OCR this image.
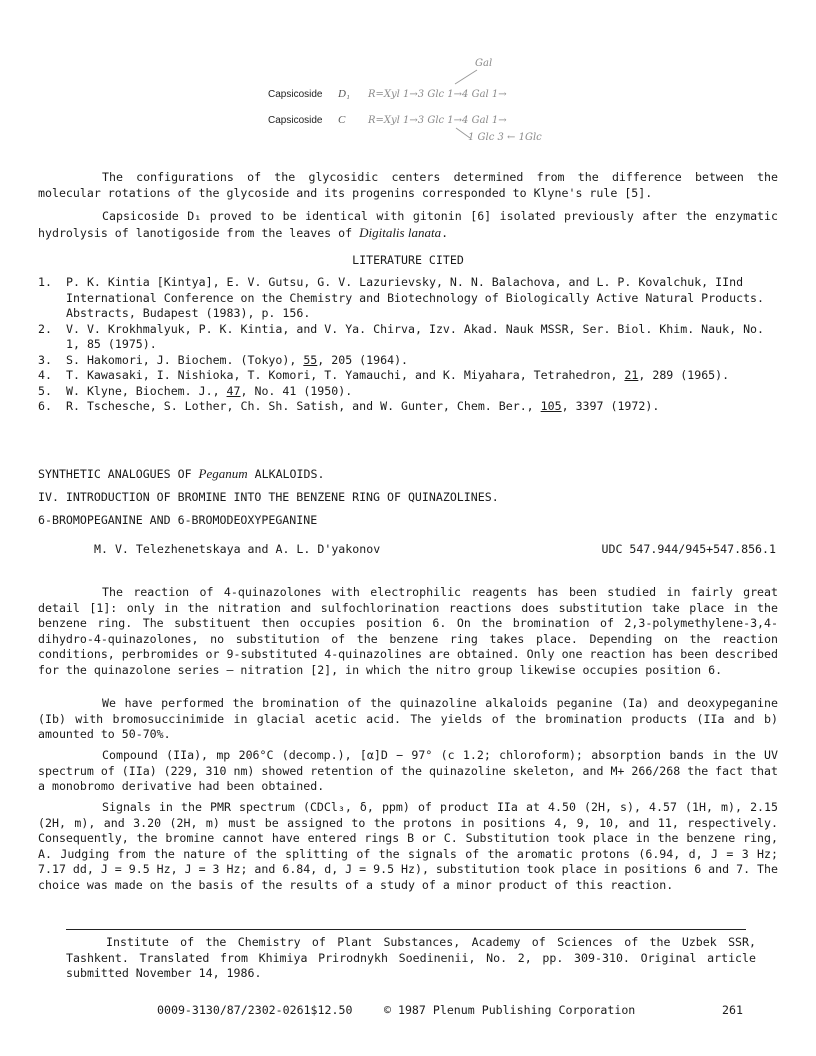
Gal
Capsicoside	D₁	R=Xyl 1→3 Glc 1→4 Gal 1→
Capsicoside	C	R=Xyl 1→3 Glc 1→4 Gal 1→
1 Glc 3 ← 1Glc

The configurations of the glycosidic centers determined from the difference between the molecular rotations of the glycoside and its progenins corresponded to Klyne's rule [5].

Capsicoside D₁ proved to be identical with gitonin [6] isolated previously after the enzymatic hydrolysis of lanotigoside from the leaves of Digitalis lanata.

LITERATURE CITED
1.	P. K. Kintia [Kintya], E. V. Gutsu, G. V. Lazurievsky, N. N. Balachova, and L. P. Kovalchuk, IInd International Conference on the Chemistry and Biotechnology of Biologically Active Natural Products. Abstracts, Budapest (1983), p. 156.
2.	V. V. Krokhmalyuk, P. K. Kintia, and V. Ya. Chirva, Izv. Akad. Nauk MSSR, Ser. Biol. Khim. Nauk, No. 1, 85 (1975).
3.	S. Hakomori, J. Biochem. (Tokyo), 55, 205 (1964).
4.	T. Kawasaki, I. Nishioka, T. Komori, T. Yamauchi, and K. Miyahara, Tetrahedron, 21, 289 (1965).
5.	W. Klyne, Biochem. J., 47, No. 41 (1950).
6.	R. Tschesche, S. Lother, Ch. Sh. Satish, and W. Gunter, Chem. Ber., 105, 3397 (1972).
SYNTHETIC ANALOGUES OF Peganum ALKALOIDS.
IV. INTRODUCTION OF BROMINE INTO THE BENZENE RING OF QUINAZOLINES.
6-BROMOPEGANINE AND 6-BROMODEOXYPEGANINE
M. V. Telezhenetskaya and A. L. D'yakonov	UDC 547.944/945+547.856.1

The reaction of 4-quinazolones with electrophilic reagents has been studied in fairly great detail [1]: only in the nitration and sulfochlorination reactions does substitution take place in the benzene ring. The substituent then occupies position 6. On the bromination of 2,3-polymethylene-3,4-dihydro-4-quinazolones, no substitution of the benzene ring takes place. Depending on the reaction conditions, perbromides or 9-substituted 4-quinazolines are obtained. Only one reaction has been described for the quinazolone series — nitration [2], in which the nitro group likewise occupies position 6.

We have performed the bromination of the quinazoline alkaloids peganine (Ia) and deoxypeganine (Ib) with bromosuccinimide in glacial acetic acid. The yields of the bromination products (IIa and b) amounted to 50-70%.

Compound (IIa), mp 206°C (decomp.), [α]D − 97° (c 1.2; chloroform); absorption bands in the UV spectrum of (IIa) (229, 310 nm) showed retention of the quinazoline skeleton, and M+ 266/268 the fact that a monobromo derivative had been obtained.

Signals in the PMR spectrum (CDCl₃, δ, ppm) of product IIa at 4.50 (2H, s), 4.57 (1H, m), 2.15 (2H, m), and 3.20 (2H, m) must be assigned to the protons in positions 4, 9, 10, and 11, respectively. Consequently, the bromine cannot have entered rings B or C. Substitution took place in the benzene ring, A. Judging from the nature of the splitting of the signals of the aromatic protons (6.94, d, J = 3 Hz; 7.17 dd, J = 9.5 Hz, J = 3 Hz; and 6.84, d, J = 9.5 Hz), substitution took place in positions 6 and 7. The choice was made on the basis of the results of a study of a minor product of this reaction.

Institute of the Chemistry of Plant Substances, Academy of Sciences of the Uzbek SSR, Tashkent. Translated from Khimiya Prirodnykh Soedinenii, No. 2, pp. 309-310. Original article submitted November 14, 1986.

0009-3130/87/2302-0261$12.50	© 1987 Plenum Publishing Corporation	261
